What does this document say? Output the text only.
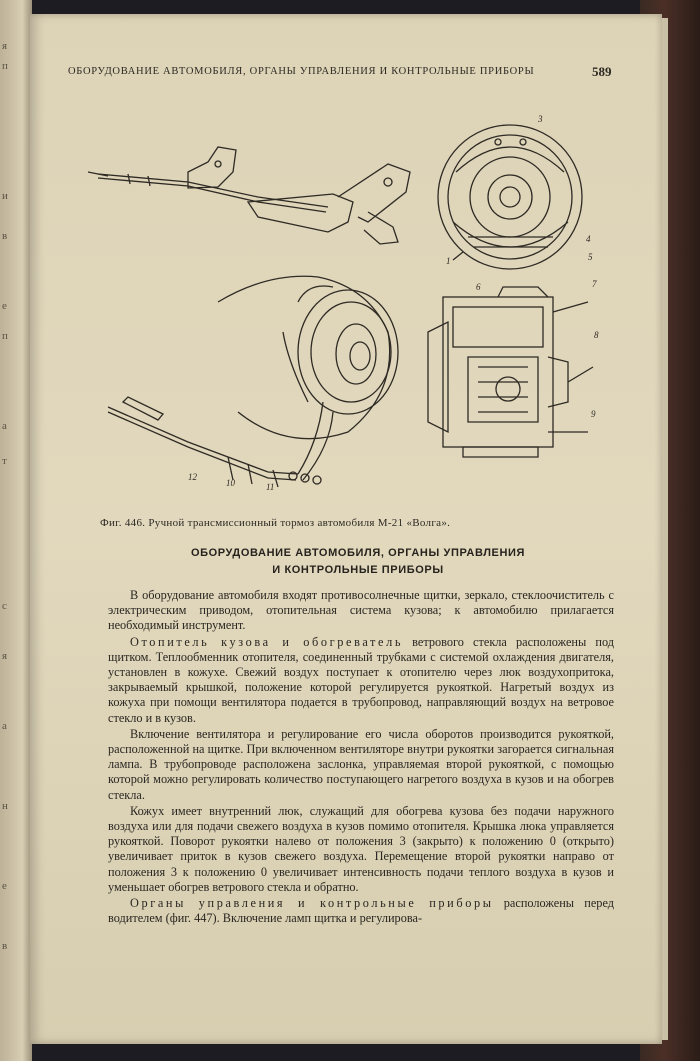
я
п
и
в
е
п
а
т
с
я
а
н
е
в
ОБОРУДОВАНИЕ АВТОМОБИЛЯ, ОРГАНЫ УПРАВЛЕНИЯ И КОНТРОЛЬНЫЕ ПРИБОРЫ	589
3
4
5
1
6	7
8
9
12
10	11
Фиг. 446. Ручной трансмиссионный тормоз автомобиля М-21 «Волга».
ОБОРУДОВАНИЕ АВТОМОБИЛЯ, ОРГАНЫ УПРАВЛЕНИЯ
И КОНТРОЛЬНЫЕ ПРИБОРЫ

В оборудование автомобиля входят противосолнечные щитки, зеркало, стеклоочиститель с электрическим приводом, отопительная система кузова; к автомобилю прилагается необходимый инструмент.

Отопитель кузова и обогреватель ветрового стекла расположены под щитком. Теплообменник отопителя, соединенный трубками с системой охлаждения двигателя, установлен в кожухе. Свежий воздух поступает к отопителю через люк воздухопритока, закрываемый крышкой, положение которой регулируется рукояткой. Нагретый воздух из кожуха при помощи вентилятора подается в трубопровод, направляющий воздух на ветровое стекло и в кузов.

Включение вентилятора и регулирование его числа оборотов производится рукояткой, расположенной на щитке. При включенном вентиляторе внутри рукоятки загорается сигнальная лампа. В трубопроводе расположена заслонка, управляемая второй рукояткой, с помощью которой можно регулировать количество поступающего нагретого воздуха в кузов и на обогрев стекла.

Кожух имеет внутренний люк, служащий для обогрева кузова без подачи наружного воздуха или для подачи свежего воздуха в кузов помимо отопителя. Крышка люка управляется рукояткой. Поворот рукоятки налево от положения 3 (закрыто) к положению 0 (открыто) увеличивает приток в кузов свежего воздуха. Перемещение второй рукоятки направо от положения 3 к положению 0 увеличивает интенсивность подачи теплого воздуха в кузов и уменьшает обогрев ветрового стекла и обратно.

Органы управления и контрольные приборы расположены перед водителем (фиг. 447). Включение ламп щитка и регулирова-
